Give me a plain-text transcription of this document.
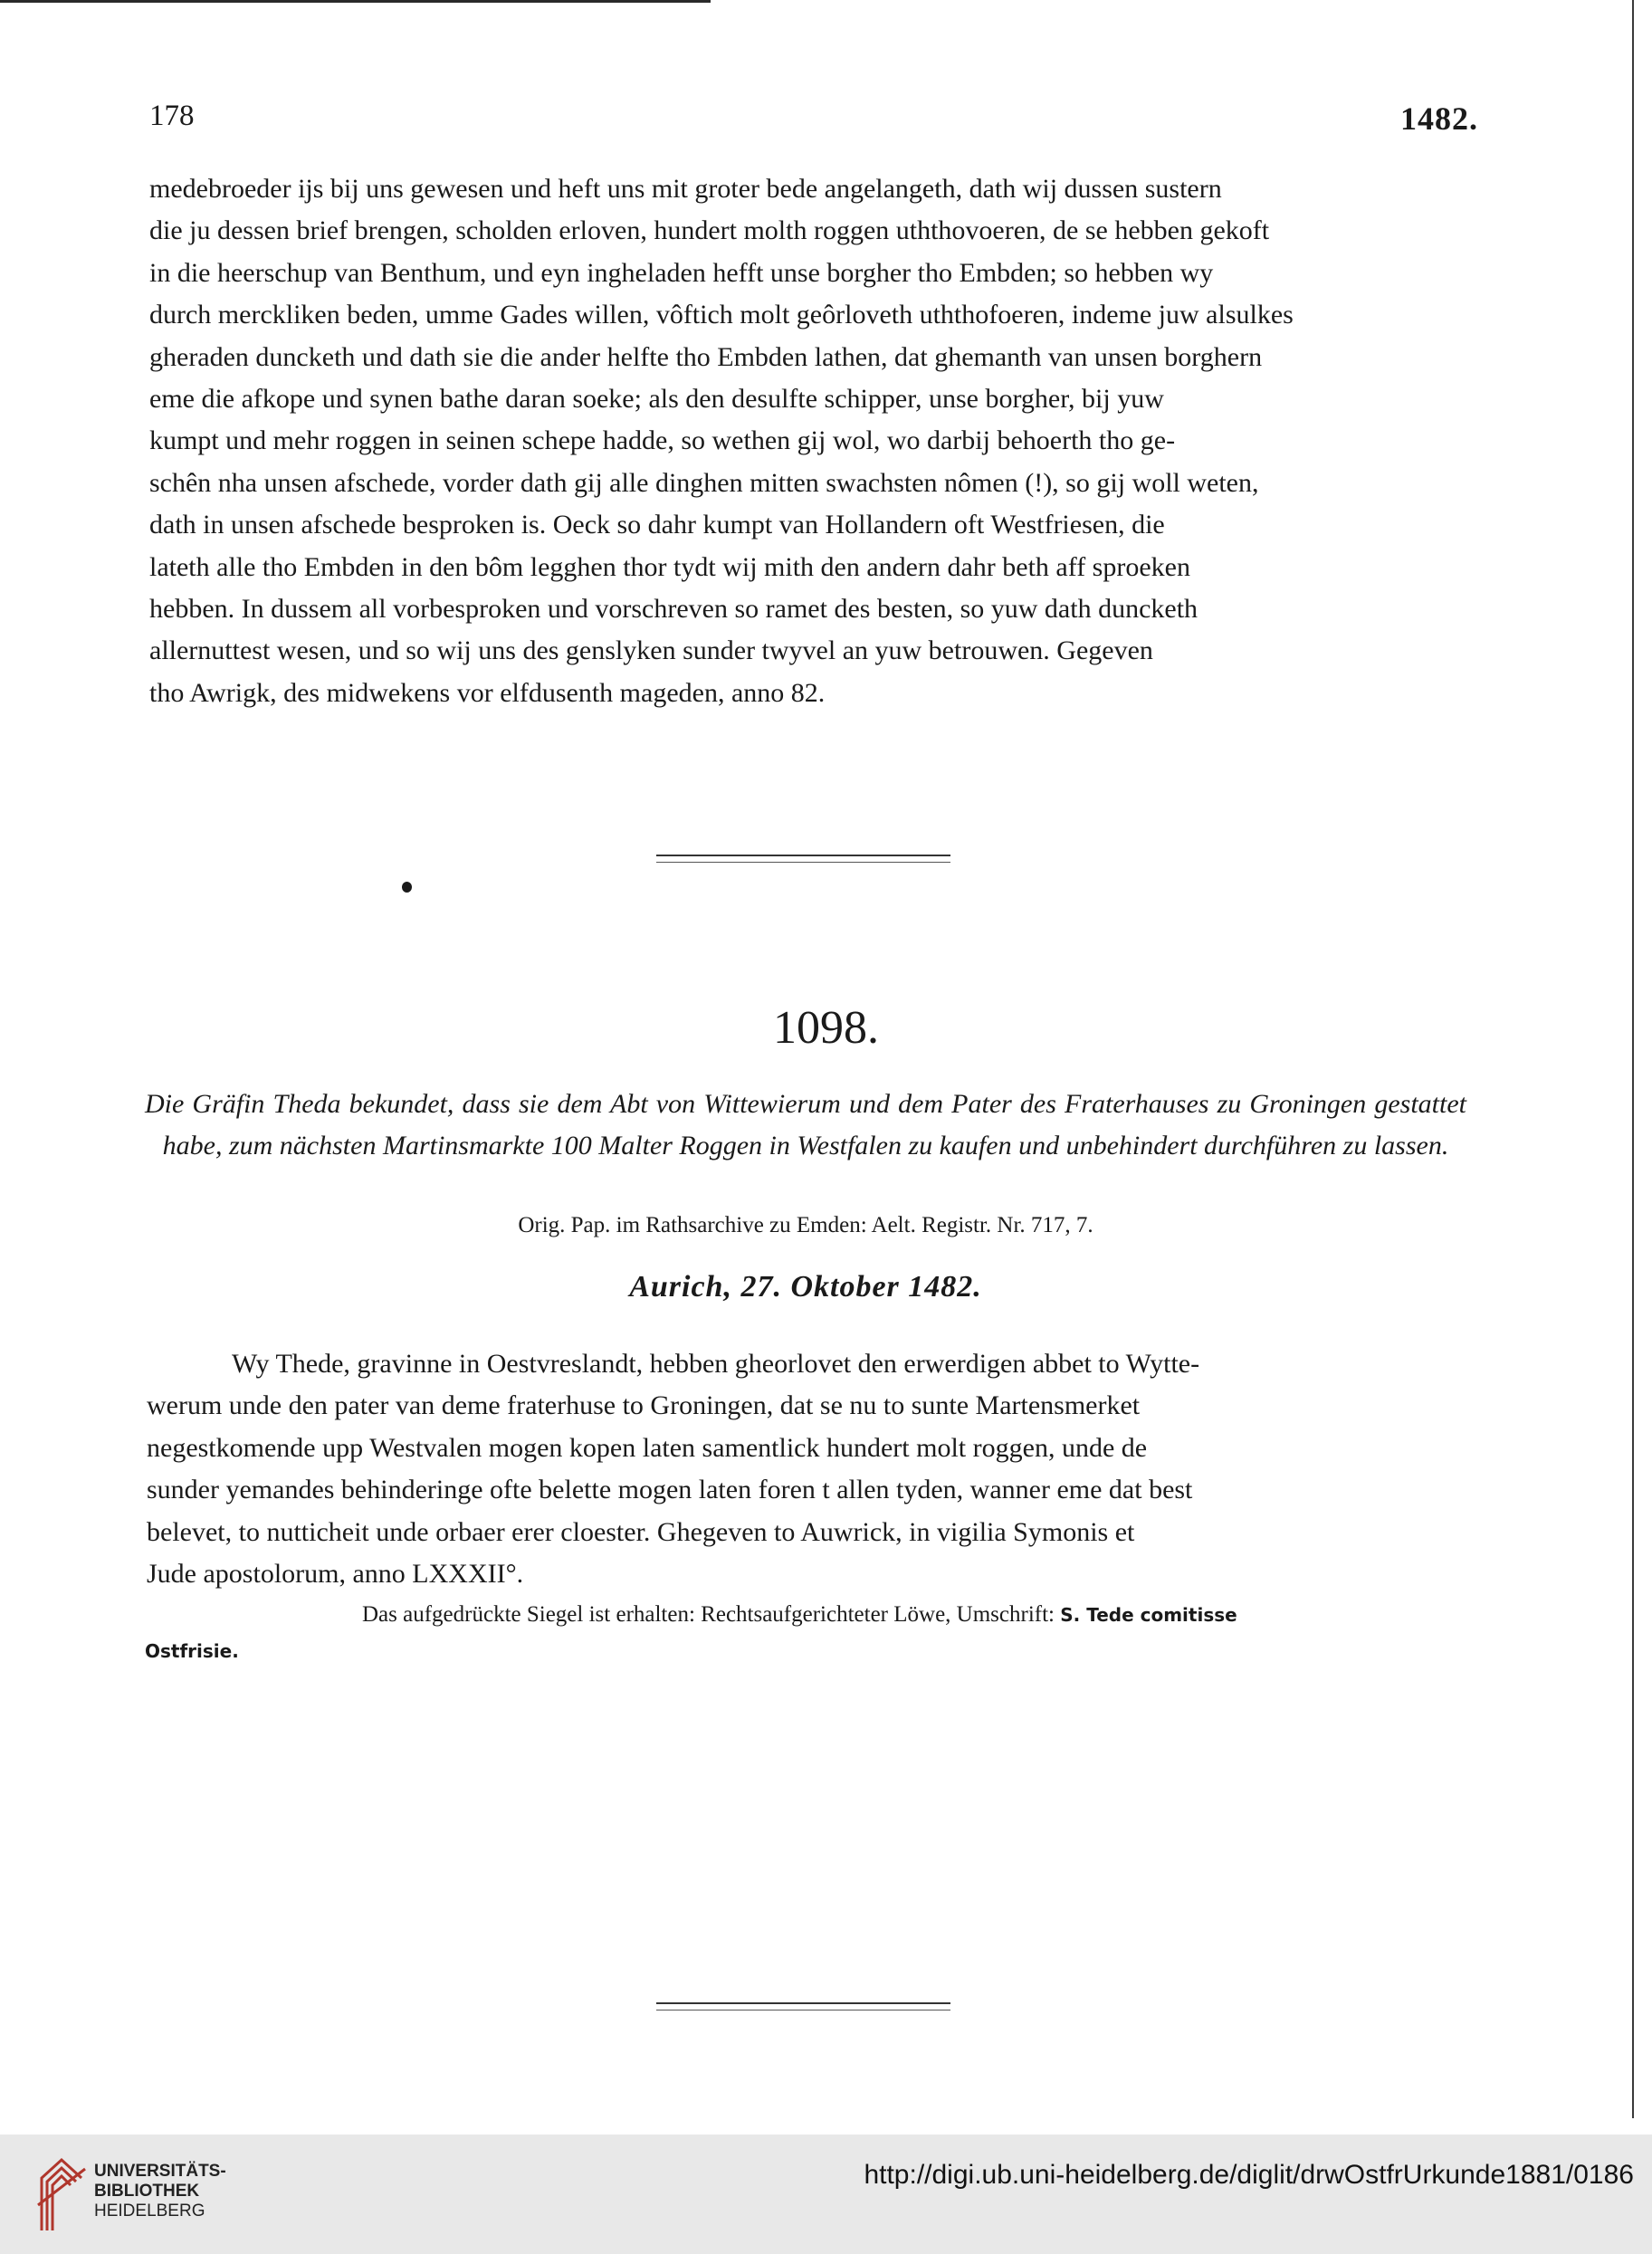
178	1482.
medebroeder ijs bij uns gewesen und heft uns mit groter bede angelangeth, dath wij dussen sustern
die ju dessen brief brengen, scholden erloven, hundert molth roggen uththovoeren, de se hebben gekoft
in die heerschup van Benthum, und eyn ingheladen hefft unse borgher tho Embden; so hebben wy
durch merckliken beden, umme Gades willen, vôftich molt geôrloveth uththofoeren, indeme juw alsulkes
gheraden duncketh und dath sie die ander helfte tho Embden lathen, dat ghemanth van unsen borghern
eme die afkope und synen bathe daran soeke; als den desulfte schipper, unse borgher, bij yuw
kumpt und mehr roggen in seinen schepe hadde, so wethen gij wol, wo darbij behoerth tho ge-
schên nha unsen afschede, vorder dath gij alle dinghen mitten swachsten nômen (!), so gij woll weten,
dath in unsen afschede besproken is. Oeck so dahr kumpt van Hollandern oft Westfriesen, die
lateth alle tho Embden in den bôm legghen thor tydt wij mith den andern dahr beth aff sproeken
hebben. In dussem all vorbesproken und vorschreven so ramet des besten, so yuw dath duncketh
allernuttest wesen, und so wij uns des genslyken sunder twyvel an yuw betrouwen. Gegeven
tho Awrigk, des midwekens vor elfdusenth mageden, anno 82.
1098.
Die Gräfin Theda bekundet, dass sie dem Abt von Wittewierum und dem Pater des Fraterhauses zu Groningen gestattet habe, zum nächsten Martinsmarkte 100 Malter Roggen in Westfalen zu kaufen und unbehindert durchführen zu lassen.
Orig. Pap. im Rathsarchive zu Emden: Aelt. Registr. Nr. 717, 7.
Aurich, 27. Oktober 1482.
Wy Thede, gravinne in Oestvreslandt, hebben gheorlovet den erwerdigen abbet to Wytte-
werum unde den pater van deme fraterhuse to Groningen, dat se nu to sunte Martensmerket
negestkomende upp Westvalen mogen kopen laten samentlick hundert molt roggen, unde de
sunder yemandes behinderinge ofte belette mogen laten foren t allen tyden, wanner eme dat best
belevet, to nutticheit unde orbaer erer cloester. Ghegeven to Auwrick, in vigilia Symonis et
Jude apostolorum, anno LXXXII°.
Das aufgedrückte Siegel ist erhalten: Rechtsaufgerichteter Löwe, Umschrift: S. Tede comitisse
Ostfrisie.
UNIVERSITÄTS-
BIBLIOTHEK
HEIDELBERG
http://digi.ub.uni-heidelberg.de/diglit/drwOstfrUrkunde1881/0186
